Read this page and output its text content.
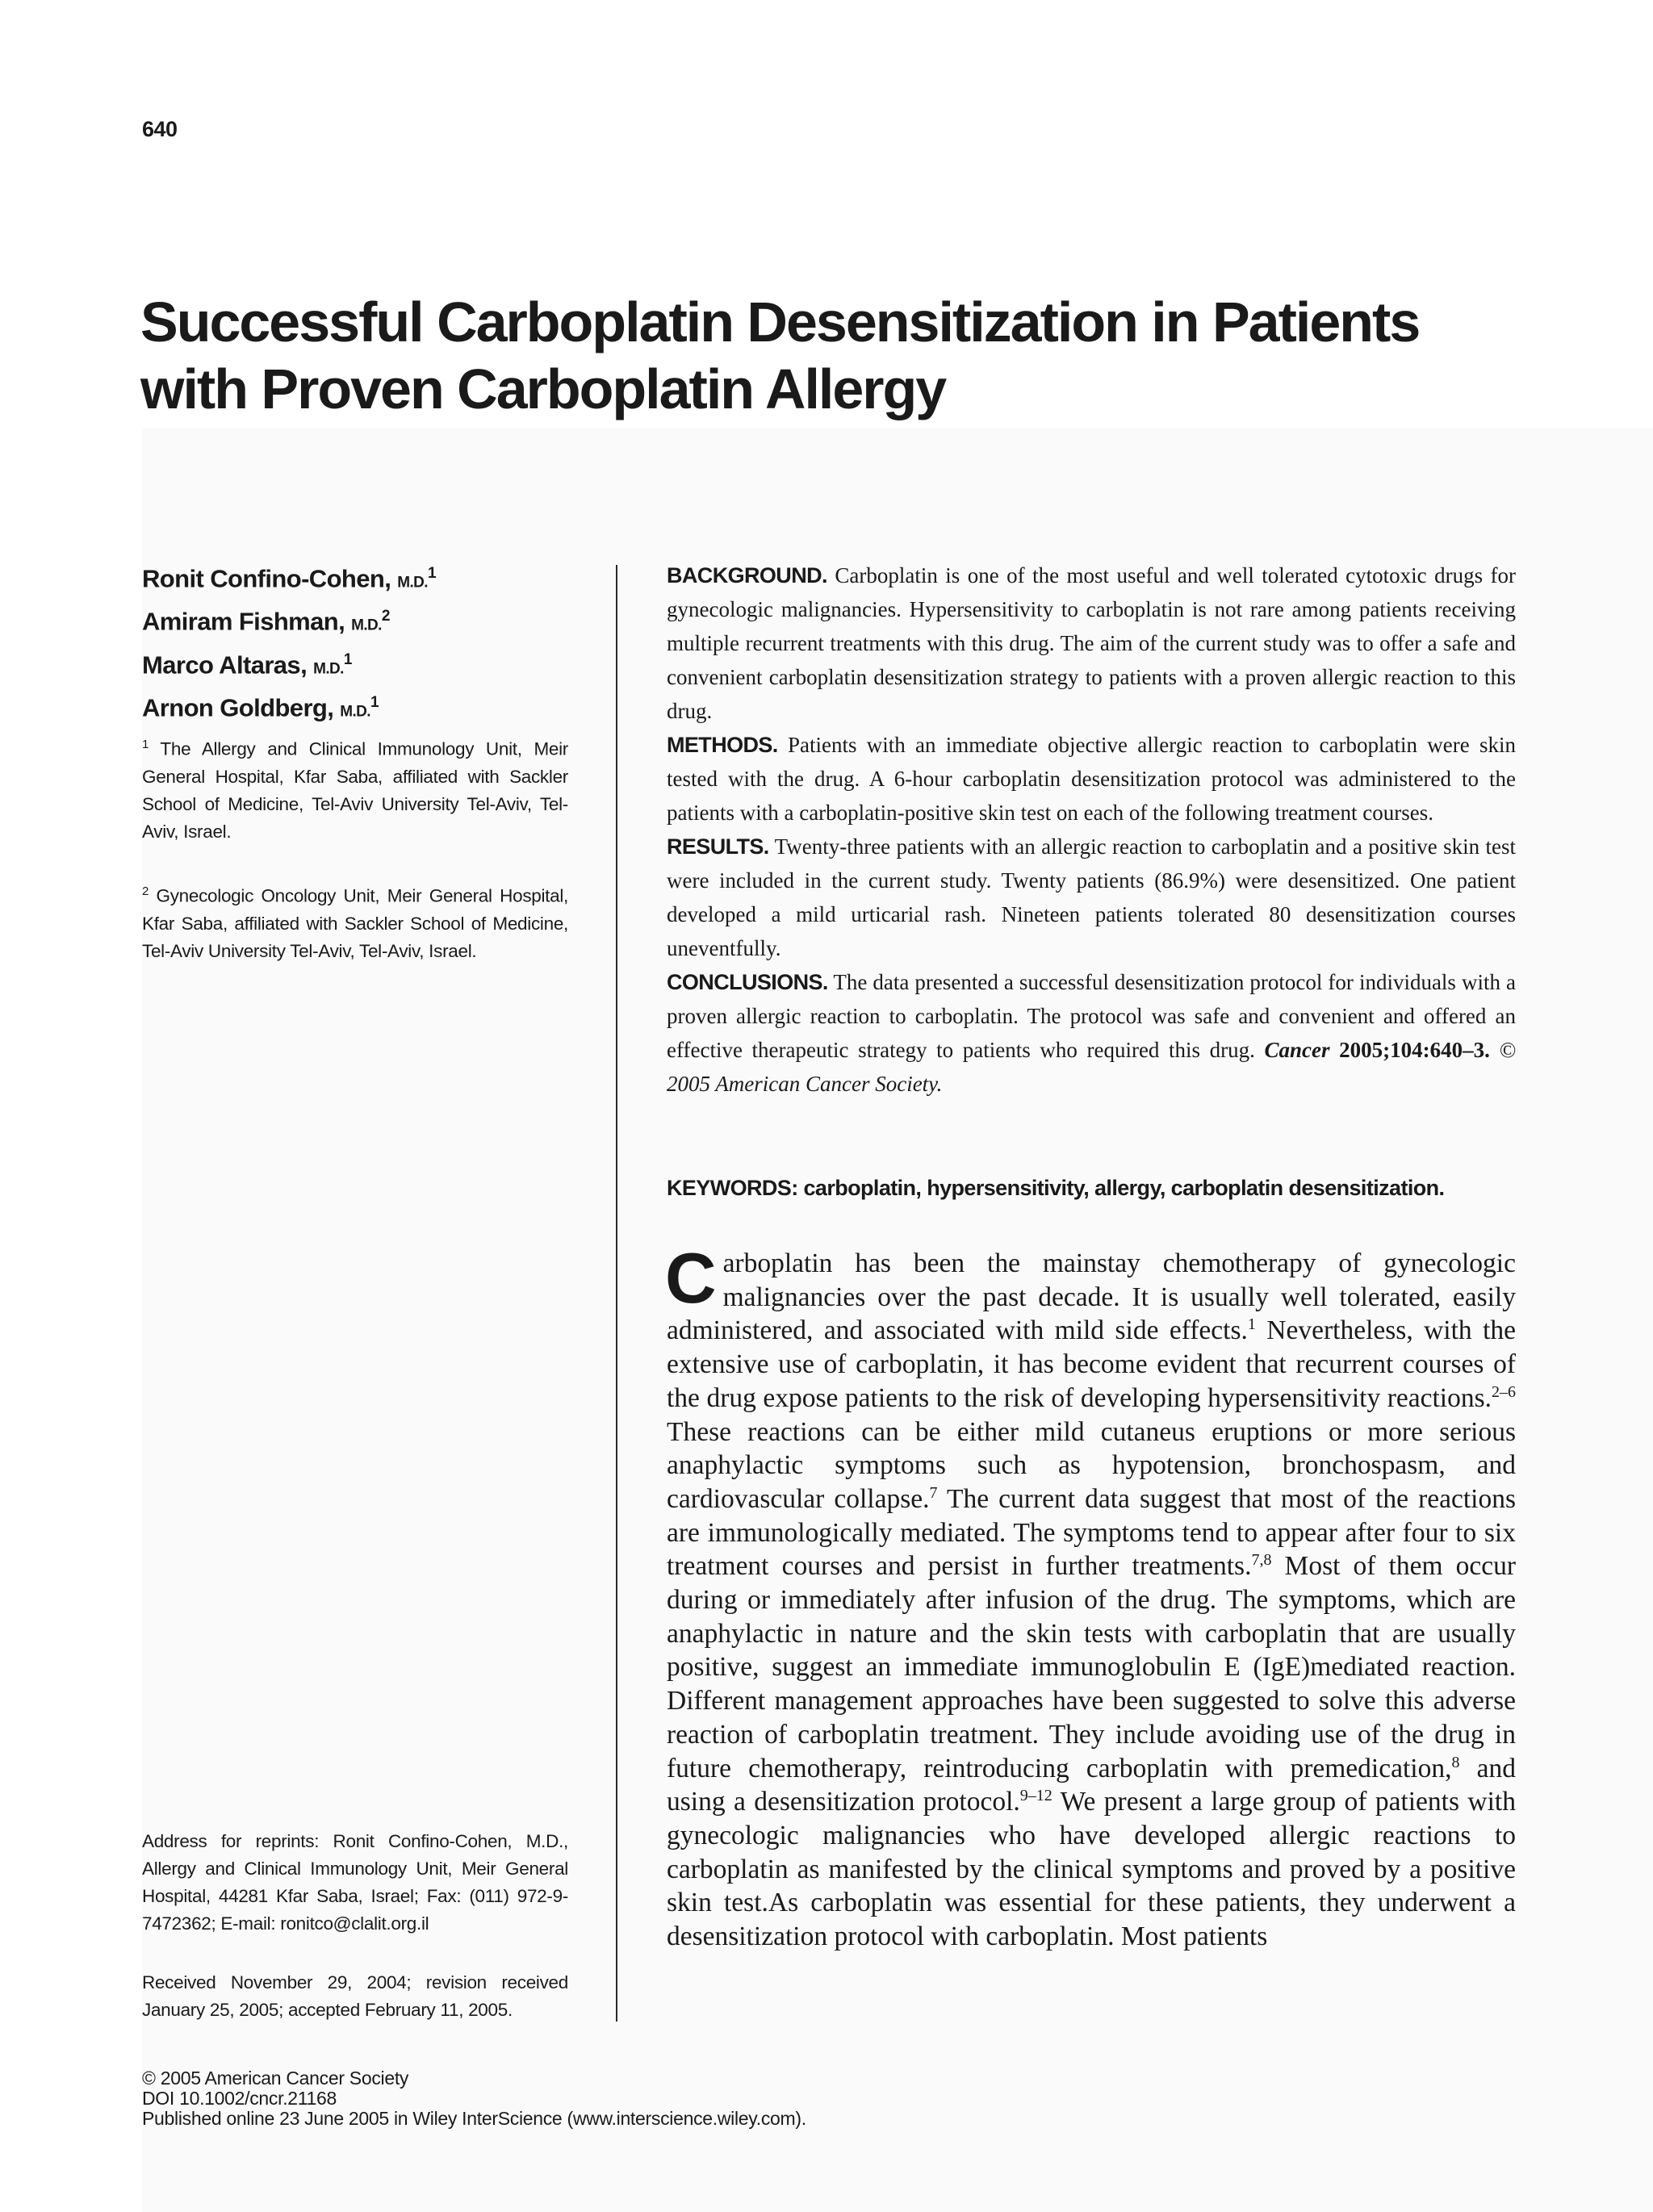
640
Successful Carboplatin Desensitization in Patients
with Proven Carboplatin Allergy
Ronit Confino-Cohen, M.D.$^1$
Amiram Fishman, M.D.$^2$
Marco Altaras, M.D.$^1$
Arnon Goldberg, M.D.$^1$
$^1$ The Allergy and Clinical Immunology Unit, Meir General Hospital, Kfar Saba, affiliated with Sackler School of Medicine, Tel-Aviv University Tel-Aviv, Tel-Aviv, Israel.
$^2$ Gynecologic Oncology Unit, Meir General Hospital, Kfar Saba, affiliated with Sackler School of Medicine, Tel-Aviv University Tel-Aviv, Tel-Aviv, Israel.
Address for reprints: Ronit Confino-Cohen, M.D., Allergy and Clinical Immunology Unit, Meir General Hospital, 44281 Kfar Saba, Israel; Fax: (011) 972-9-7472362; E-mail: ronitco@clalit.org.il
Received November 29, 2004; revision received January 25, 2005; accepted February 11, 2005.

BACKGROUND. Carboplatin is one of the most useful and well tolerated cytotoxic drugs for gynecologic malignancies. Hypersensitivity to carboplatin is not rare among patients receiving multiple recurrent treatments with this drug. The aim of the current study was to offer a safe and convenient carboplatin desensitization strategy to patients with a proven allergic reaction to this drug.

METHODS. Patients with an immediate objective allergic reaction to carboplatin were skin tested with the drug. A 6-hour carboplatin desensitization protocol was administered to the patients with a carboplatin-positive skin test on each of the following treatment courses.

RESULTS. Twenty-three patients with an allergic reaction to carboplatin and a positive skin test were included in the current study. Twenty patients (86.9%) were desensitized. One patient developed a mild urticarial rash. Nineteen patients tolerated 80 desensitization courses uneventfully.

CONCLUSIONS. The data presented a successful desensitization protocol for individuals with a proven allergic reaction to carboplatin. The protocol was safe and convenient and offered an effective therapeutic strategy to patients who required this drug. Cancer 2005;104:640–3. © 2005 American Cancer Society.

KEYWORDS: carboplatin, hypersensitivity, allergy, carboplatin desensitization.

Carboplatin has been the mainstay chemotherapy of gynecologic malignancies over the past decade. It is usually well tolerated, easily administered, and associated with mild side effects.$^1$ Nevertheless, with the extensive use of carboplatin, it has become evident that recurrent courses of the drug expose patients to the risk of developing hypersensitivity reactions.$^{2-6}$ These reactions can be either mild cutaneus eruptions or more serious anaphylactic symptoms such as hypotension, bronchospasm, and cardiovascular collapse.$^7$ The current data suggest that most of the reactions are immunologically mediated. The symptoms tend to appear after four to six treatment courses and persist in further treatments.$^{7,8}$ Most of them occur during or immediately after infusion of the drug. The symptoms, which are anaphylactic in nature and the skin tests with carboplatin that are usually positive, suggest an immediate immunoglobulin E (IgE)mediated reaction. Different management approaches have been suggested to solve this adverse reaction of carboplatin treatment. They include avoiding use of the drug in future chemotherapy, reintroducing carboplatin with premedication,$^8$ and using a desensitization protocol.$^{9-12}$ We present a large group of patients with gynecologic malignancies who have developed allergic reactions to carboplatin as manifested by the clinical symptoms and proved by a positive skin test.As carboplatin was essential for these patients, they underwent a desensitization protocol with carboplatin. Most patients

© 2005 American Cancer Society
DOI 10.1002/cncr.21168
Published online 23 June 2005 in Wiley InterScience (www.interscience.wiley.com).
